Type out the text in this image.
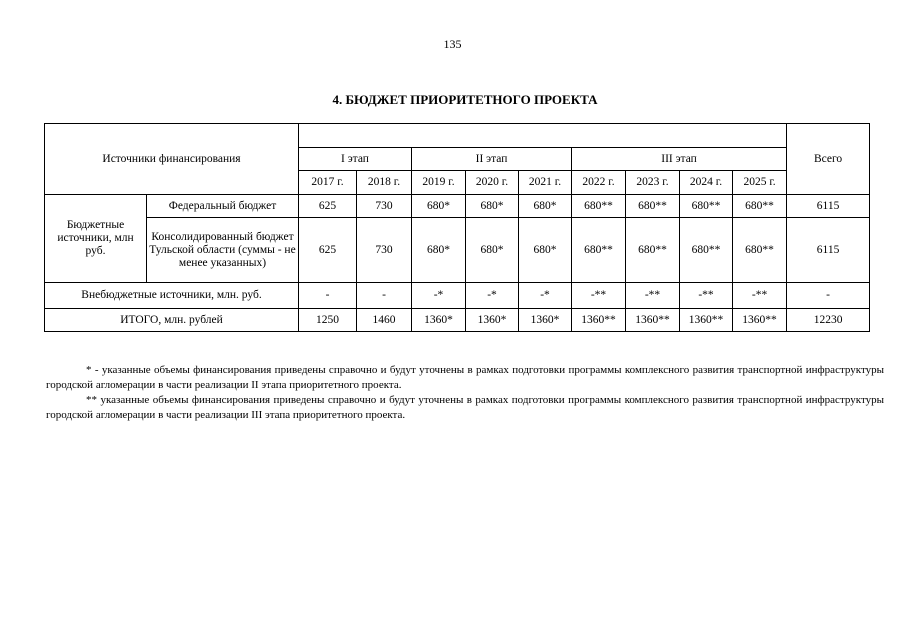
135
4. БЮДЖЕТ ПРИОРИТЕТНОГО ПРОЕКТА

Источники финансирования		I этап		II этап			III этап				Всего
		2017 г.	2018 г.	2019 г.	2020 г.	2021 г.	2022 г.	2023 г.	2024 г.	2025 г.	
Бюджетные источники, млн руб.	Федеральный бюджет	625	730	680*	680*	680*	680**	680**	680**	680**	6115
	Консолидированный бюджет Тульской области (суммы - не менее указанных)	625	730	680*	680*	680*	680**	680**	680**	680**	6115
Внебюджетные источники, млн. руб.		-	-	-*	-*	-*	-**	-**	-**	-**	-
ИТОГО, млн. рублей		1250	1460	1360*	1360*	1360*	1360**	1360**	1360**	1360**	12230

* - указанные объемы финансирования приведены справочно и будут уточнены в рамках подготовки программы комплексного развития транспортной инфраструктуры городской агломерации в части реализации II этапа приоритетного проекта.

** указанные объемы финансирования приведены справочно и будут уточнены в рамках подготовки программы комплексного развития транспортной инфраструктуры городской агломерации в части реализации III этапа приоритетного проекта.
